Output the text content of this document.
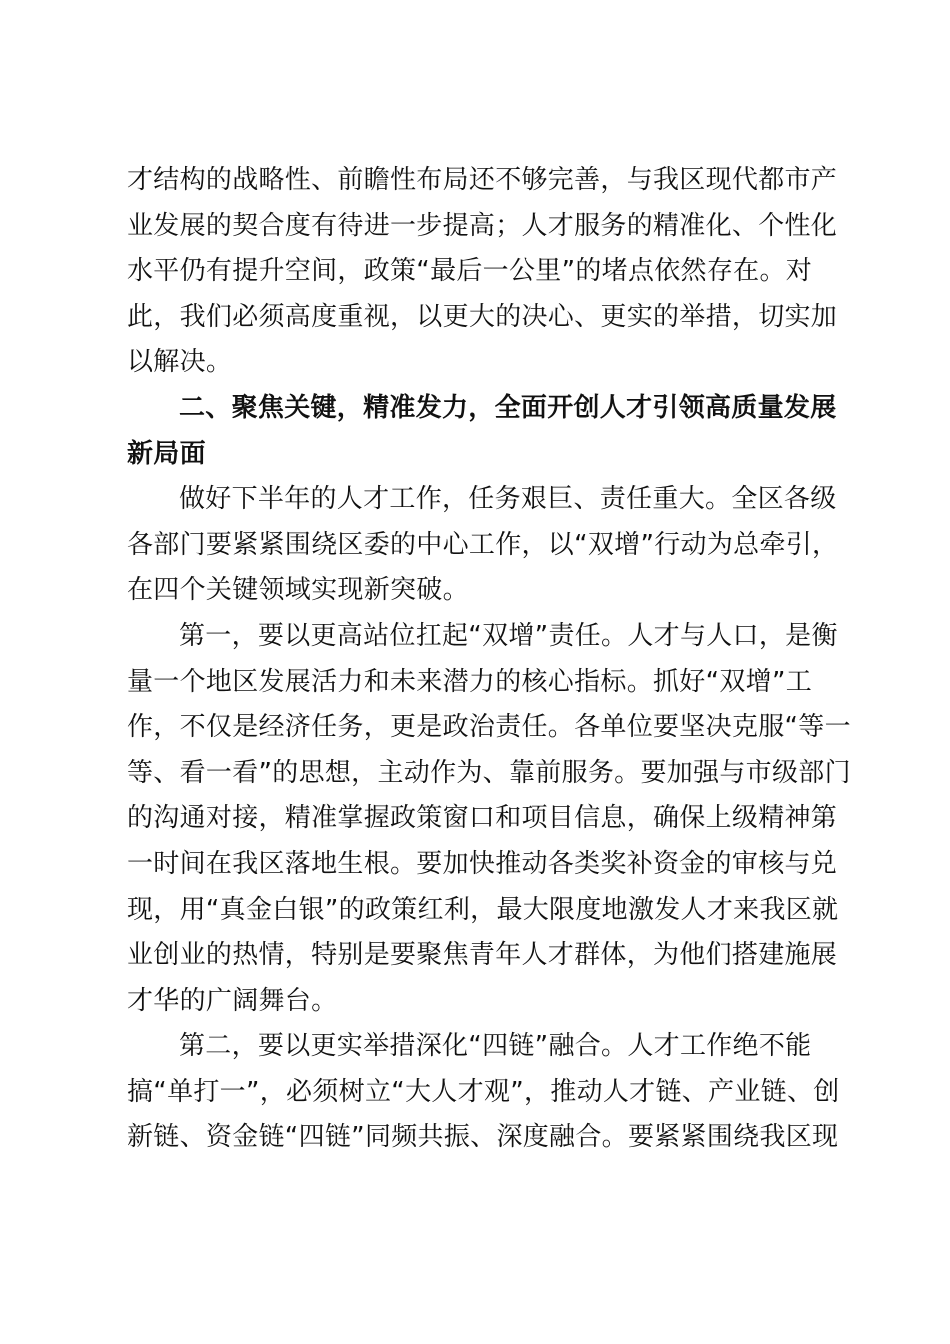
才结构的战略性、前瞻性布局还不够完善，与我区现代都市产
业发展的契合度有待进一步提高；人才服务的精准化、个性化
水平仍有提升空间，政策“最后一公里”的堵点依然存在。对
此，我们必须高度重视，以更大的决心、更实的举措，切实加
以解决。
二、聚焦关键，精准发力，全面开创人才引领高质量发展
新局面
做好下半年的人才工作，任务艰巨、责任重大。全区各级
各部门要紧紧围绕区委的中心工作，以“双增”行动为总牵引，
在四个关键领域实现新突破。
第一，要以更高站位扛起“双增”责任。人才与人口，是衡
量一个地区发展活力和未来潜力的核心指标。抓好“双增”工
作，不仅是经济任务，更是政治责任。各单位要坚决克服“等一
等、看一看”的思想，主动作为、靠前服务。要加强与市级部门
的沟通对接，精准掌握政策窗口和项目信息，确保上级精神第
一时间在我区落地生根。要加快推动各类奖补资金的审核与兑
现，用“真金白银”的政策红利，最大限度地激发人才来我区就
业创业的热情，特别是要聚焦青年人才群体，为他们搭建施展
才华的广阔舞台。
第二，要以更实举措深化“四链”融合。人才工作绝不能
搞“单打一”，必须树立“大人才观”，推动人才链、产业链、创
新链、资金链“四链”同频共振、深度融合。要紧紧围绕我区现
